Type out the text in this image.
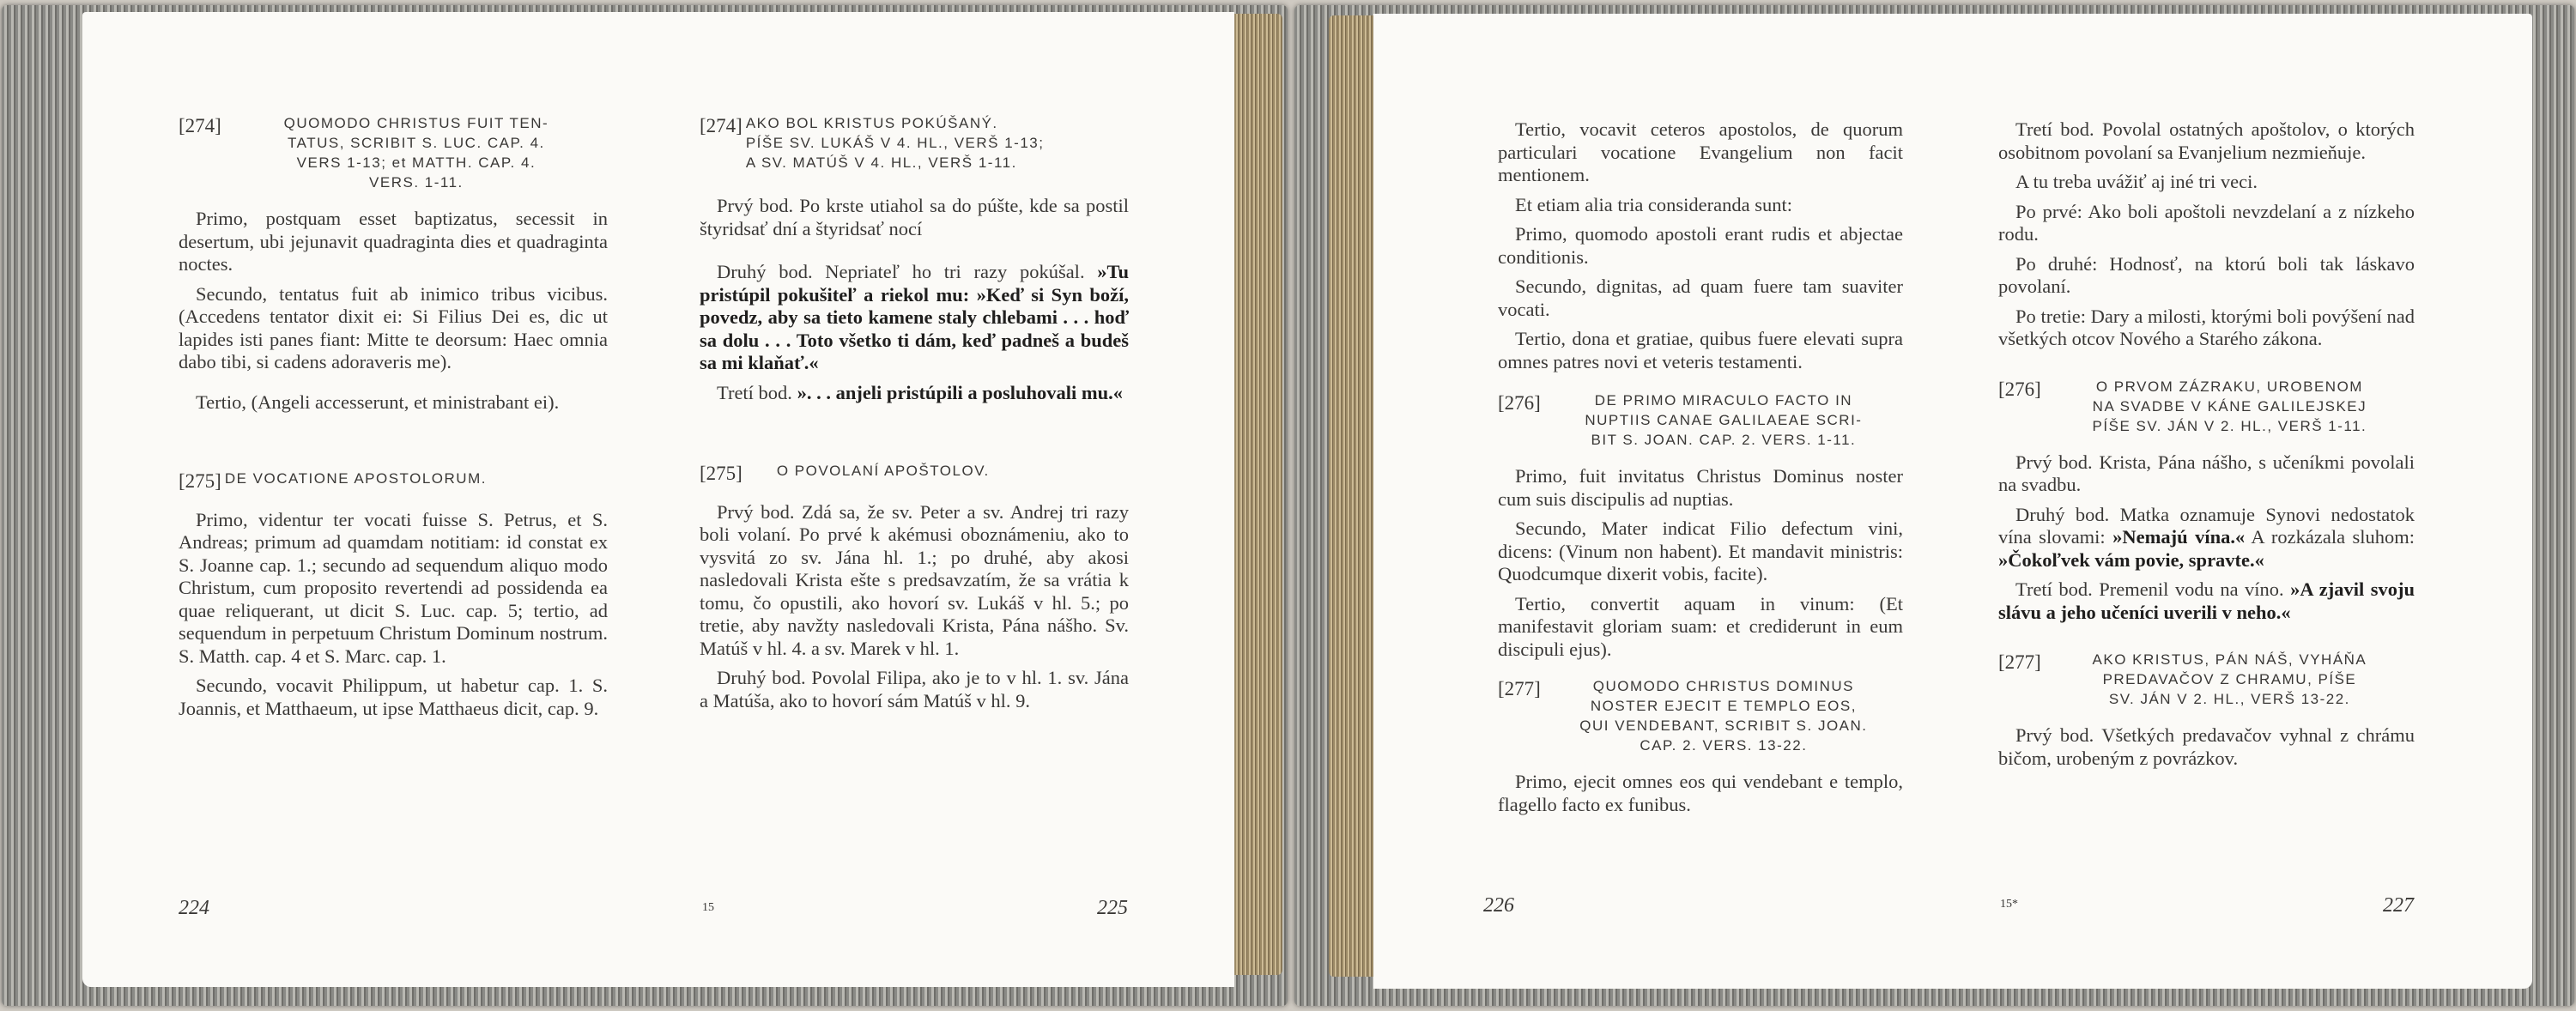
[274]	QUOMODO CHRISTUS FUIT TEN-
TATUS, SCRIBIT S. LUC. CAP. 4.
VERS 1-13; et MATTH. CAP. 4.
VERS. 1-11.

Primo, postquam esset baptizatus, secessit in desertum, ubi jejunavit quadraginta dies et quadraginta noctes.

Secundo, tentatus fuit ab inimico tribus vicibus. (Accedens tentator dixit ei: Si Filius Dei es, dic ut lapides isti panes fiant: Mitte te deorsum: Haec omnia dabo tibi, si cadens adoraveris me).

Tertio, (Angeli accesserunt, et ministrabant ei).

[275] DE VOCATIONE APOSTOLORUM.

Primo, videntur ter vocati fuisse S. Petrus, et S. Andreas; primum ad quamdam notitiam: id constat ex S. Joanne cap. 1.; secundo ad sequendum aliquo modo Christum, cum proposito revertendi ad possidenda ea quae reliquerant, ut dicit S. Luc. cap. 5; tertio, ad sequendum in perpetuum Christum Dominum nostrum. S. Matth. cap. 4 et S. Marc. cap. 1.

Secundo, vocavit Philippum, ut habetur cap. 1. S. Joannis, et Matthaeum, ut ipse Matthaeus dicit, cap. 9.

224
[274] AKO BOL KRISTUS POKÚŠANÝ.
PÍŠE SV. LUKÁŠ V 4. HL., VERŠ 1-13;
A SV. MATÚŠ V 4. HL., VERŠ 1-11.

Prvý bod. Po krste utiahol sa do púšte, kde sa postil štyridsať dní a štyridsať nocí

Druhý bod. Nepriateľ ho tri razy pokúšal. »Tu pristúpil pokušiteľ a riekol mu: »Keď si Syn boží, povedz, aby sa tieto kamene staly chlebami . . . hoď sa dolu . . . Toto všetko ti dám, keď padneš a budeš sa mi klaňať.«

Tretí bod. ». . . anjeli pristúpili a posluhovali mu.«

[275] O POVOLANÍ APOŠTOLOV.

Prvý bod. Zdá sa, že sv. Peter a sv. Andrej tri razy boli volaní. Po prvé k akémusi oboznámeniu, ako to vysvitá zo sv. Jána hl. 1.; po druhé, aby akosi nasledovali Krista ešte s predsavzatím, že sa vrátia k tomu, čo opustili, ako hovorí sv. Lukáš v hl. 5.; po tretie, aby navžty nasledovali Krista, Pána nášho. Sv. Matúš v hl. 4. a sv. Marek v hl. 1.

Druhý bod. Povolal Filipa, ako je to v hl. 1. sv. Jána a Matúša, ako to hovorí sám Matúš v hl. 9.

15	225

Tertio, vocavit ceteros apostolos, de quorum particulari vocatione Evangelium non facit mentionem.

Et etiam alia tria consideranda sunt:

Primo, quomodo apostoli erant rudis et abjectae conditionis.

Secundo, dignitas, ad quam fuere tam suaviter vocati.

Tertio, dona et gratiae, quibus fuere elevati supra omnes patres novi et veteris testamenti.

[276]	DE PRIMO MIRACULO FACTO IN
NUPTIIS CANAE GALILAEAE SCRI-
BIT S. JOAN. CAP. 2. VERS. 1-11.

Primo, fuit invitatus Christus Dominus noster cum suis discipulis ad nuptias.

Secundo, Mater indicat Filio defectum vini, dicens: (Vinum non habent). Et mandavit ministris: Quodcumque dixerit vobis, facite).

Tertio, convertit aquam in vinum: (Et manifestavit gloriam suam: et crediderunt in eum discipuli ejus).

[277]	QUOMODO CHRISTUS DOMINUS
NOSTER EJECIT E TEMPLO EOS,
QUI VENDEBANT, SCRIBIT S. JOAN.
CAP. 2. VERS. 13-22.

Primo, ejecit omnes eos qui vendebant e templo, flagello facto ex funibus.

226

Tretí bod. Povolal ostatných apoštolov, o ktorých osobitnom povolaní sa Evanjelium nezmieňuje.

A tu treba uvážiť aj iné tri veci.

Po prvé: Ako boli apoštoli nevzdelaní a z nízkeho rodu.

Po druhé: Hodnosť, na ktorú boli tak láskavo povolaní.

Po tretie: Dary a milosti, ktorými boli povýšení nad všetkých otcov Nového a Starého zákona.

[276]	O PRVOM ZÁZRAKU, UROBENOM
NA SVADBE V KÁNE GALILEJSKEJ
PÍŠE SV. JÁN V 2. HL., VERŠ 1-11.

Prvý bod. Krista, Pána nášho, s učeníkmi povolali na svadbu.

Druhý bod. Matka oznamuje Synovi nedostatok vína slovami: »Nemajú vína.« A rozkázala sluhom: »Čokoľvek vám povie, spravte.«

Tretí bod. Premenil vodu na víno. »A zjavil svoju slávu a jeho učeníci uverili v neho.«

[277]	AKO KRISTUS, PÁN NÁŠ, VYHÁŇA
PREDAVAČOV Z CHRAMU, PÍŠE
SV. JÁN V 2. HL., VERŠ 13-22.

Prvý bod. Všetkých predavačov vyhnal z chrámu bičom, urobeným z povrázkov.

15*	227
